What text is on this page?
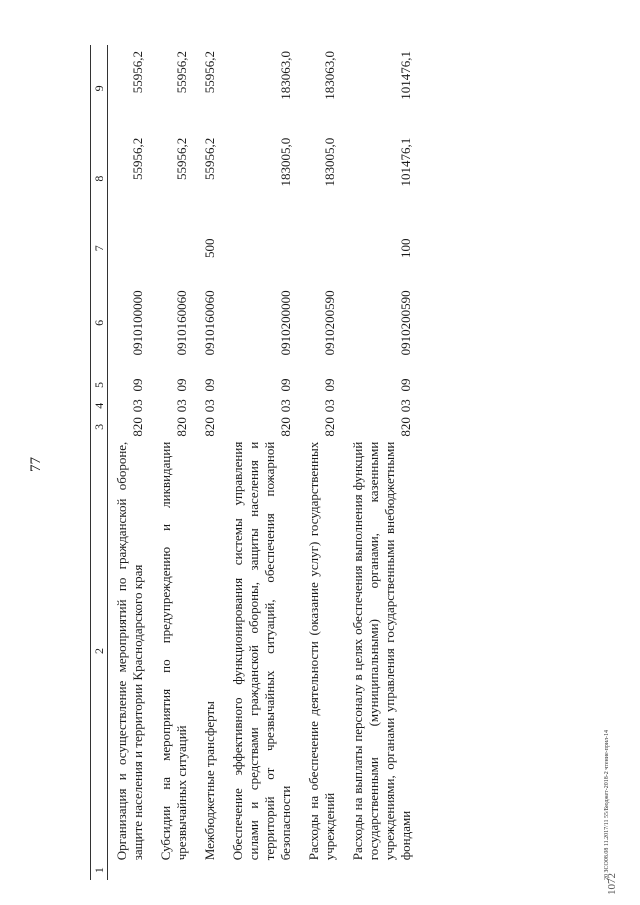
77
1	2	3	4	5	6	7	8	9
	Организация и осуществление мероприятий по гражданской обороне, защите населения и территории Краснодарского края	820	03	09	0910100000		55956,2	55956,2
	Субсидии на мероприятия по предупреждению и ликвидации чрезвычайных ситуаций	820	03	09	0910160060		55956,2	55956,2
	Межбюджетные трансферты	820	03	09	0910160060	500	55956,2	55956,2
	Обеспечение эффективного функционирования системы управления силами и средствами гражданской обороны, защиты населения и территорий от чрезвычайных ситуаций, обеспечения пожарной безопасности	820	03	09	0910200000		183005,0	183063,0
	Расходы на обеспечение деятельности (оказание услуг) государственных учреждений	820	03	09	0910200590		183005,0	183063,0
	Расходы на выплаты персоналу в целях обеспечения выполнения функций государственными (муниципальными) органами, казенными учреждениями, органами управления государственными внебюджетными фондами	820	03	09	0910200590	100	101476,1	101476,1
20 ЗСО08.08 11.2017/11 55/Бюджет-2018-2 чтение-прил-14
1072
